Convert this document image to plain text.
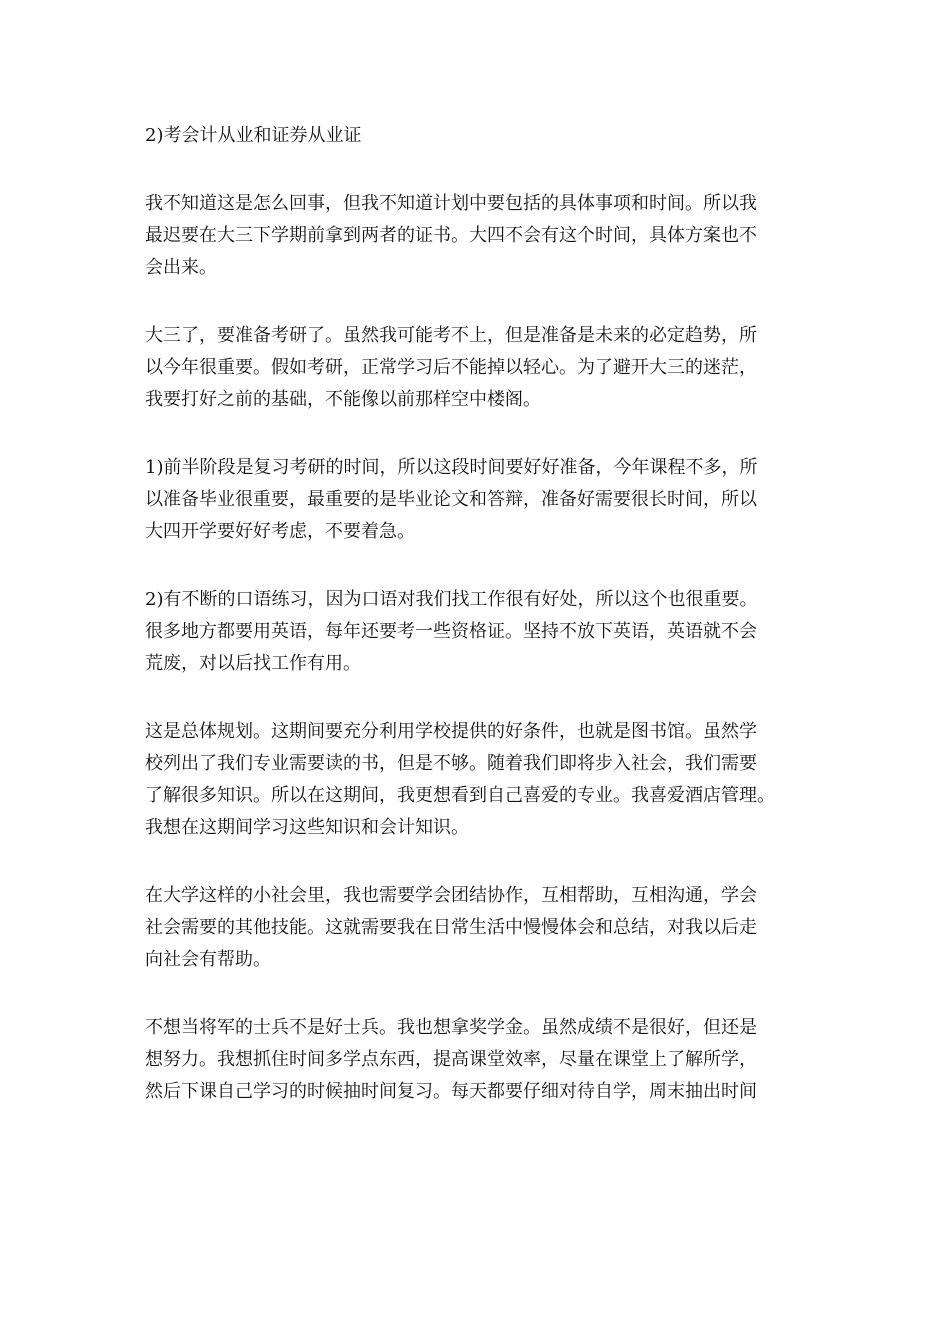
2)考会计从业和证券从业证

我不知道这是怎么回事，但我不知道计划中要包括的具体事项和时间。所以我
最迟要在大三下学期前拿到两者的证书。大四不会有这个时间，具体方案也不
会出来。

大三了，要准备考研了。虽然我可能考不上，但是准备是未来的必定趋势，所
以今年很重要。假如考研，正常学习后不能掉以轻心。为了避开大三的迷茫，
我要打好之前的基础，不能像以前那样空中楼阁。

1)前半阶段是复习考研的时间，所以这段时间要好好准备，今年课程不多，所
以准备毕业很重要，最重要的是毕业论文和答辩，准备好需要很长时间，所以
大四开学要好好考虑，不要着急。

2)有不断的口语练习，因为口语对我们找工作很有好处，所以这个也很重要。
很多地方都要用英语，每年还要考一些资格证。坚持不放下英语，英语就不会
荒废，对以后找工作有用。

这是总体规划。这期间要充分利用学校提供的好条件，也就是图书馆。虽然学
校列出了我们专业需要读的书，但是不够。随着我们即将步入社会，我们需要
了解很多知识。所以在这期间，我更想看到自己喜爱的专业。我喜爱酒店管理。
我想在这期间学习这些知识和会计知识。

在大学这样的小社会里，我也需要学会团结协作，互相帮助，互相沟通，学会
社会需要的其他技能。这就需要我在日常生活中慢慢体会和总结，对我以后走
向社会有帮助。

不想当将军的士兵不是好士兵。我也想拿奖学金。虽然成绩不是很好，但还是
想努力。我想抓住时间多学点东西，提高课堂效率，尽量在课堂上了解所学，
然后下课自己学习的时候抽时间复习。每天都要仔细对待自学，周末抽出时间
